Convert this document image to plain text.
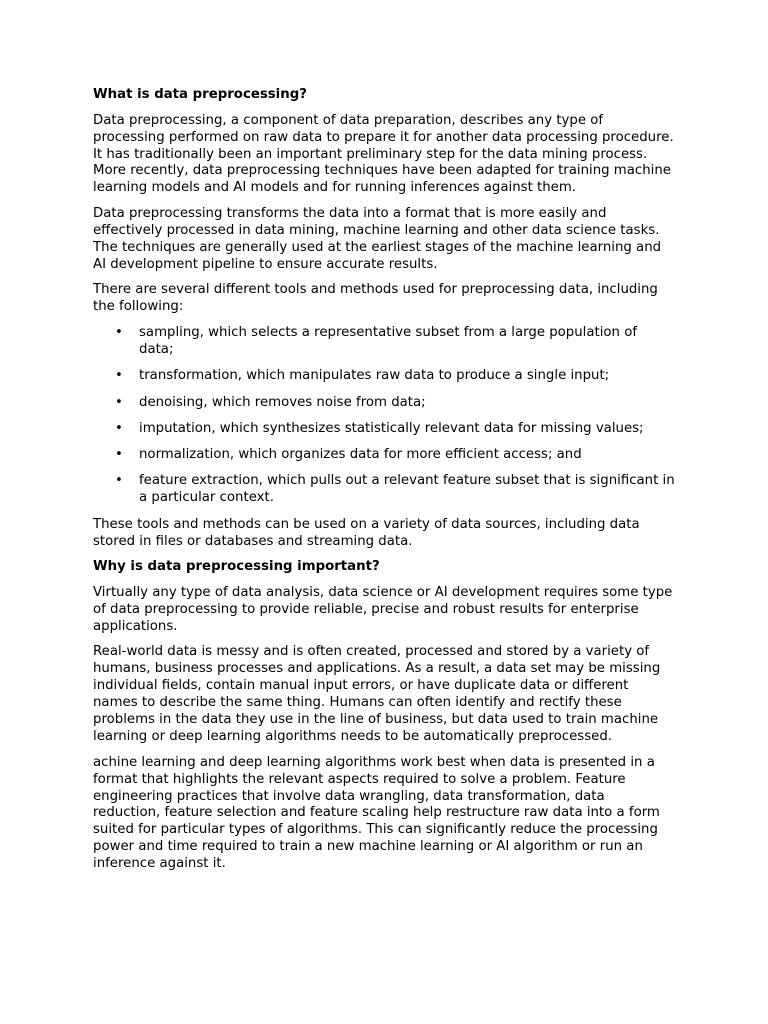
What is data preprocessing?

Data preprocessing, a component of data preparation, describes any type of processing performed on raw data to prepare it for another data processing procedure. It has traditionally been an important preliminary step for the data mining process. More recently, data preprocessing techniques have been adapted for training machine learning models and AI models and for running inferences against them.

Data preprocessing transforms the data into a format that is more easily and effectively processed in data mining, machine learning and other data science tasks. The techniques are generally used at the earliest stages of the machine learning and AI development pipeline to ensure accurate results.

There are several different tools and methods used for preprocessing data, including the following:

• sampling, which selects a representative subset from a large population of data;
• transformation, which manipulates raw data to produce a single input;
• denoising, which removes noise from data;
• imputation, which synthesizes statistically relevant data for missing values;
• normalization, which organizes data for more efficient access; and
• feature extraction, which pulls out a relevant feature subset that is significant in a particular context.

These tools and methods can be used on a variety of data sources, including data stored in files or databases and streaming data.

Why is data preprocessing important?

Virtually any type of data analysis, data science or AI development requires some type of data preprocessing to provide reliable, precise and robust results for enterprise applications.

Real-world data is messy and is often created, processed and stored by a variety of humans, business processes and applications. As a result, a data set may be missing individual fields, contain manual input errors, or have duplicate data or different names to describe the same thing. Humans can often identify and rectify these problems in the data they use in the line of business, but data used to train machine learning or deep learning algorithms needs to be automatically preprocessed.

achine learning and deep learning algorithms work best when data is presented in a format that highlights the relevant aspects required to solve a problem. Feature engineering practices that involve data wrangling, data transformation, data reduction, feature selection and feature scaling help restructure raw data into a form suited for particular types of algorithms. This can significantly reduce the processing power and time required to train a new machine learning or AI algorithm or run an inference against it.
